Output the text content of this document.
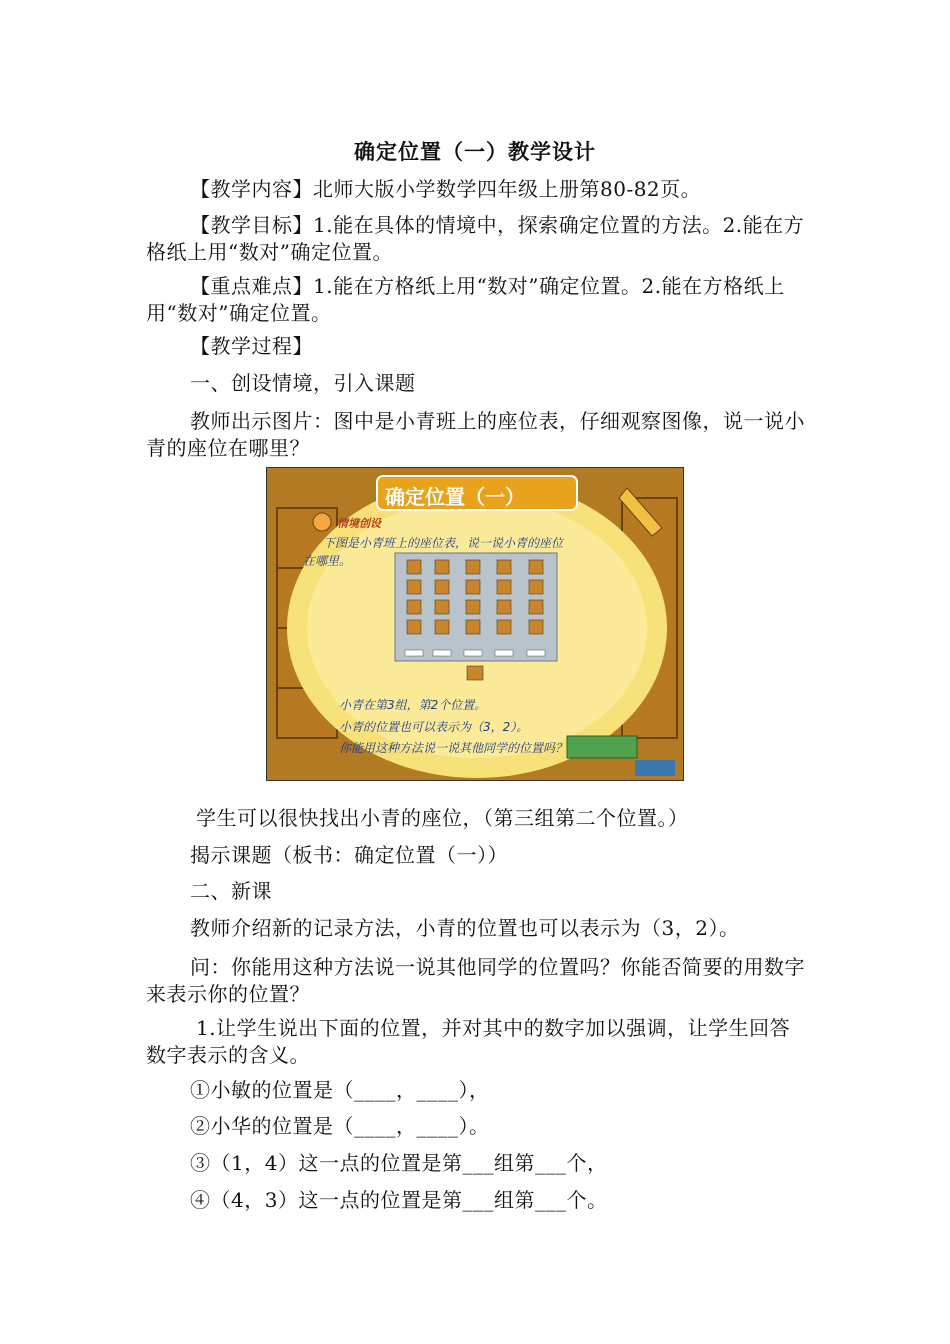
确定位置（一）教学设计
【教学内容】北师大版小学数学四年级上册第80-82页。
【教学目标】1.能在具体的情境中，探索确定位置的方法。2.能在方格纸上用“数对”确定位置。
【重点难点】1.能在方格纸上用“数对”确定位置。2.能在方格纸上用“数对”确定位置。
【教学过程】
一、创设情境，引入课题
教师出示图片：图中是小青班上的座位表，仔细观察图像，说一说小青的座位在哪里？
确定位置（一）
情境创设
下图是小青班上的座位表，说一说小青的座位
在哪里。
小青在第3组，第2个位置。
小青的位置也可以表示为（3，2）。
你能用这种方法说一说其他同学的位置吗？
学生可以很快找出小青的座位，（第三组第二个位置。）
揭示课题（板书：确定位置（一））
二、新课
教师介绍新的记录方法，小青的位置也可以表示为（3，2）。
问：你能用这种方法说一说其他同学的位置吗？你能否简要的用数字来表示你的位置？
1.让学生说出下面的位置，并对其中的数字加以强调，让学生回答数字表示的含义。
①小敏的位置是（____，____），
②小华的位置是（____，____）。
③（1，4）这一点的位置是第___组第___个，
④（4，3）这一点的位置是第___组第___个。
